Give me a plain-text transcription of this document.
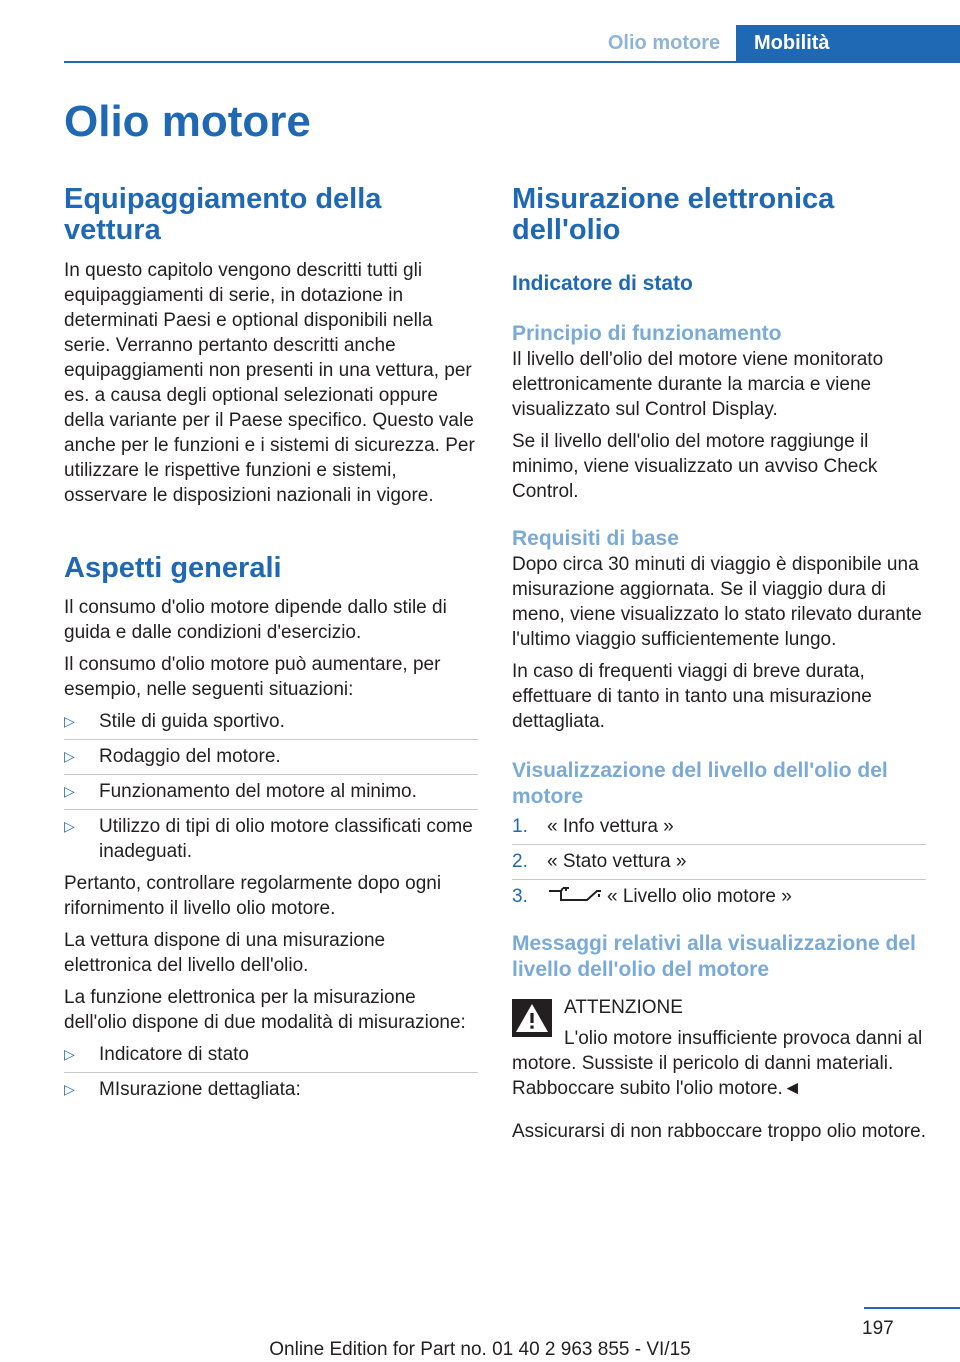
Olio motore	Mobilità
Olio motore
Equipaggiamento della vettura

In questo capitolo vengono descritti tutti gli equipaggiamenti di serie, in dotazione in determinati Paesi e optional disponibili nella serie. Verranno pertanto descritti anche equipaggiamenti non presenti in una vettura, per es. a causa degli optional selezionati oppure della variante per il Paese specifico. Questo vale anche per le funzioni e i sistemi di sicurezza. Per utilizzare le rispettive funzioni e sistemi, osservare le disposizioni nazionali in vigore.

Aspetti generali

Il consumo d'olio motore dipende dallo stile di guida e dalle condizioni d'esercizio.

Il consumo d'olio motore può aumentare, per esempio, nelle seguenti situazioni:

▷ Stile di guida sportivo.
▷ Rodaggio del motore.
▷ Funzionamento del motore al minimo.
▷ Utilizzo di tipi di olio motore classificati come inadeguati.

Pertanto, controllare regolarmente dopo ogni rifornimento il livello olio motore.

La vettura dispone di una misurazione elettronica del livello dell'olio.

La funzione elettronica per la misurazione dell'olio dispone di due modalità di misurazione:

▷ Indicatore di stato
▷ MIsurazione dettagliata:
Misurazione elettronica dell'olio
Indicatore di stato
Principio di funzionamento

Il livello dell'olio del motore viene monitorato elettronicamente durante la marcia e viene visualizzato sul Control Display.

Se il livello dell'olio del motore raggiunge il minimo, viene visualizzato un avviso Check Control.

Requisiti di base

Dopo circa 30 minuti di viaggio è disponibile una misurazione aggiornata. Se il viaggio dura di meno, viene visualizzato lo stato rilevato durante l'ultimo viaggio sufficientemente lungo.

In caso di frequenti viaggi di breve durata, effettuare di tanto in tanto una misurazione dettagliata.

Visualizzazione del livello dell'olio del motore
1. « Info vettura »
2. « Stato vettura »
3.	« Livello olio motore »
Messaggi relativi alla visualizzazione del livello dell'olio del motore

ATTENZIONE

L'olio motore insufficiente provoca danni al motore. Sussiste il pericolo di danni materiali. Rabboccare subito l'olio motore.◄

Assicurarsi di non rabboccare troppo olio motore.

197
Online Edition for Part no. 01 40 2 963 855 - VI/15
